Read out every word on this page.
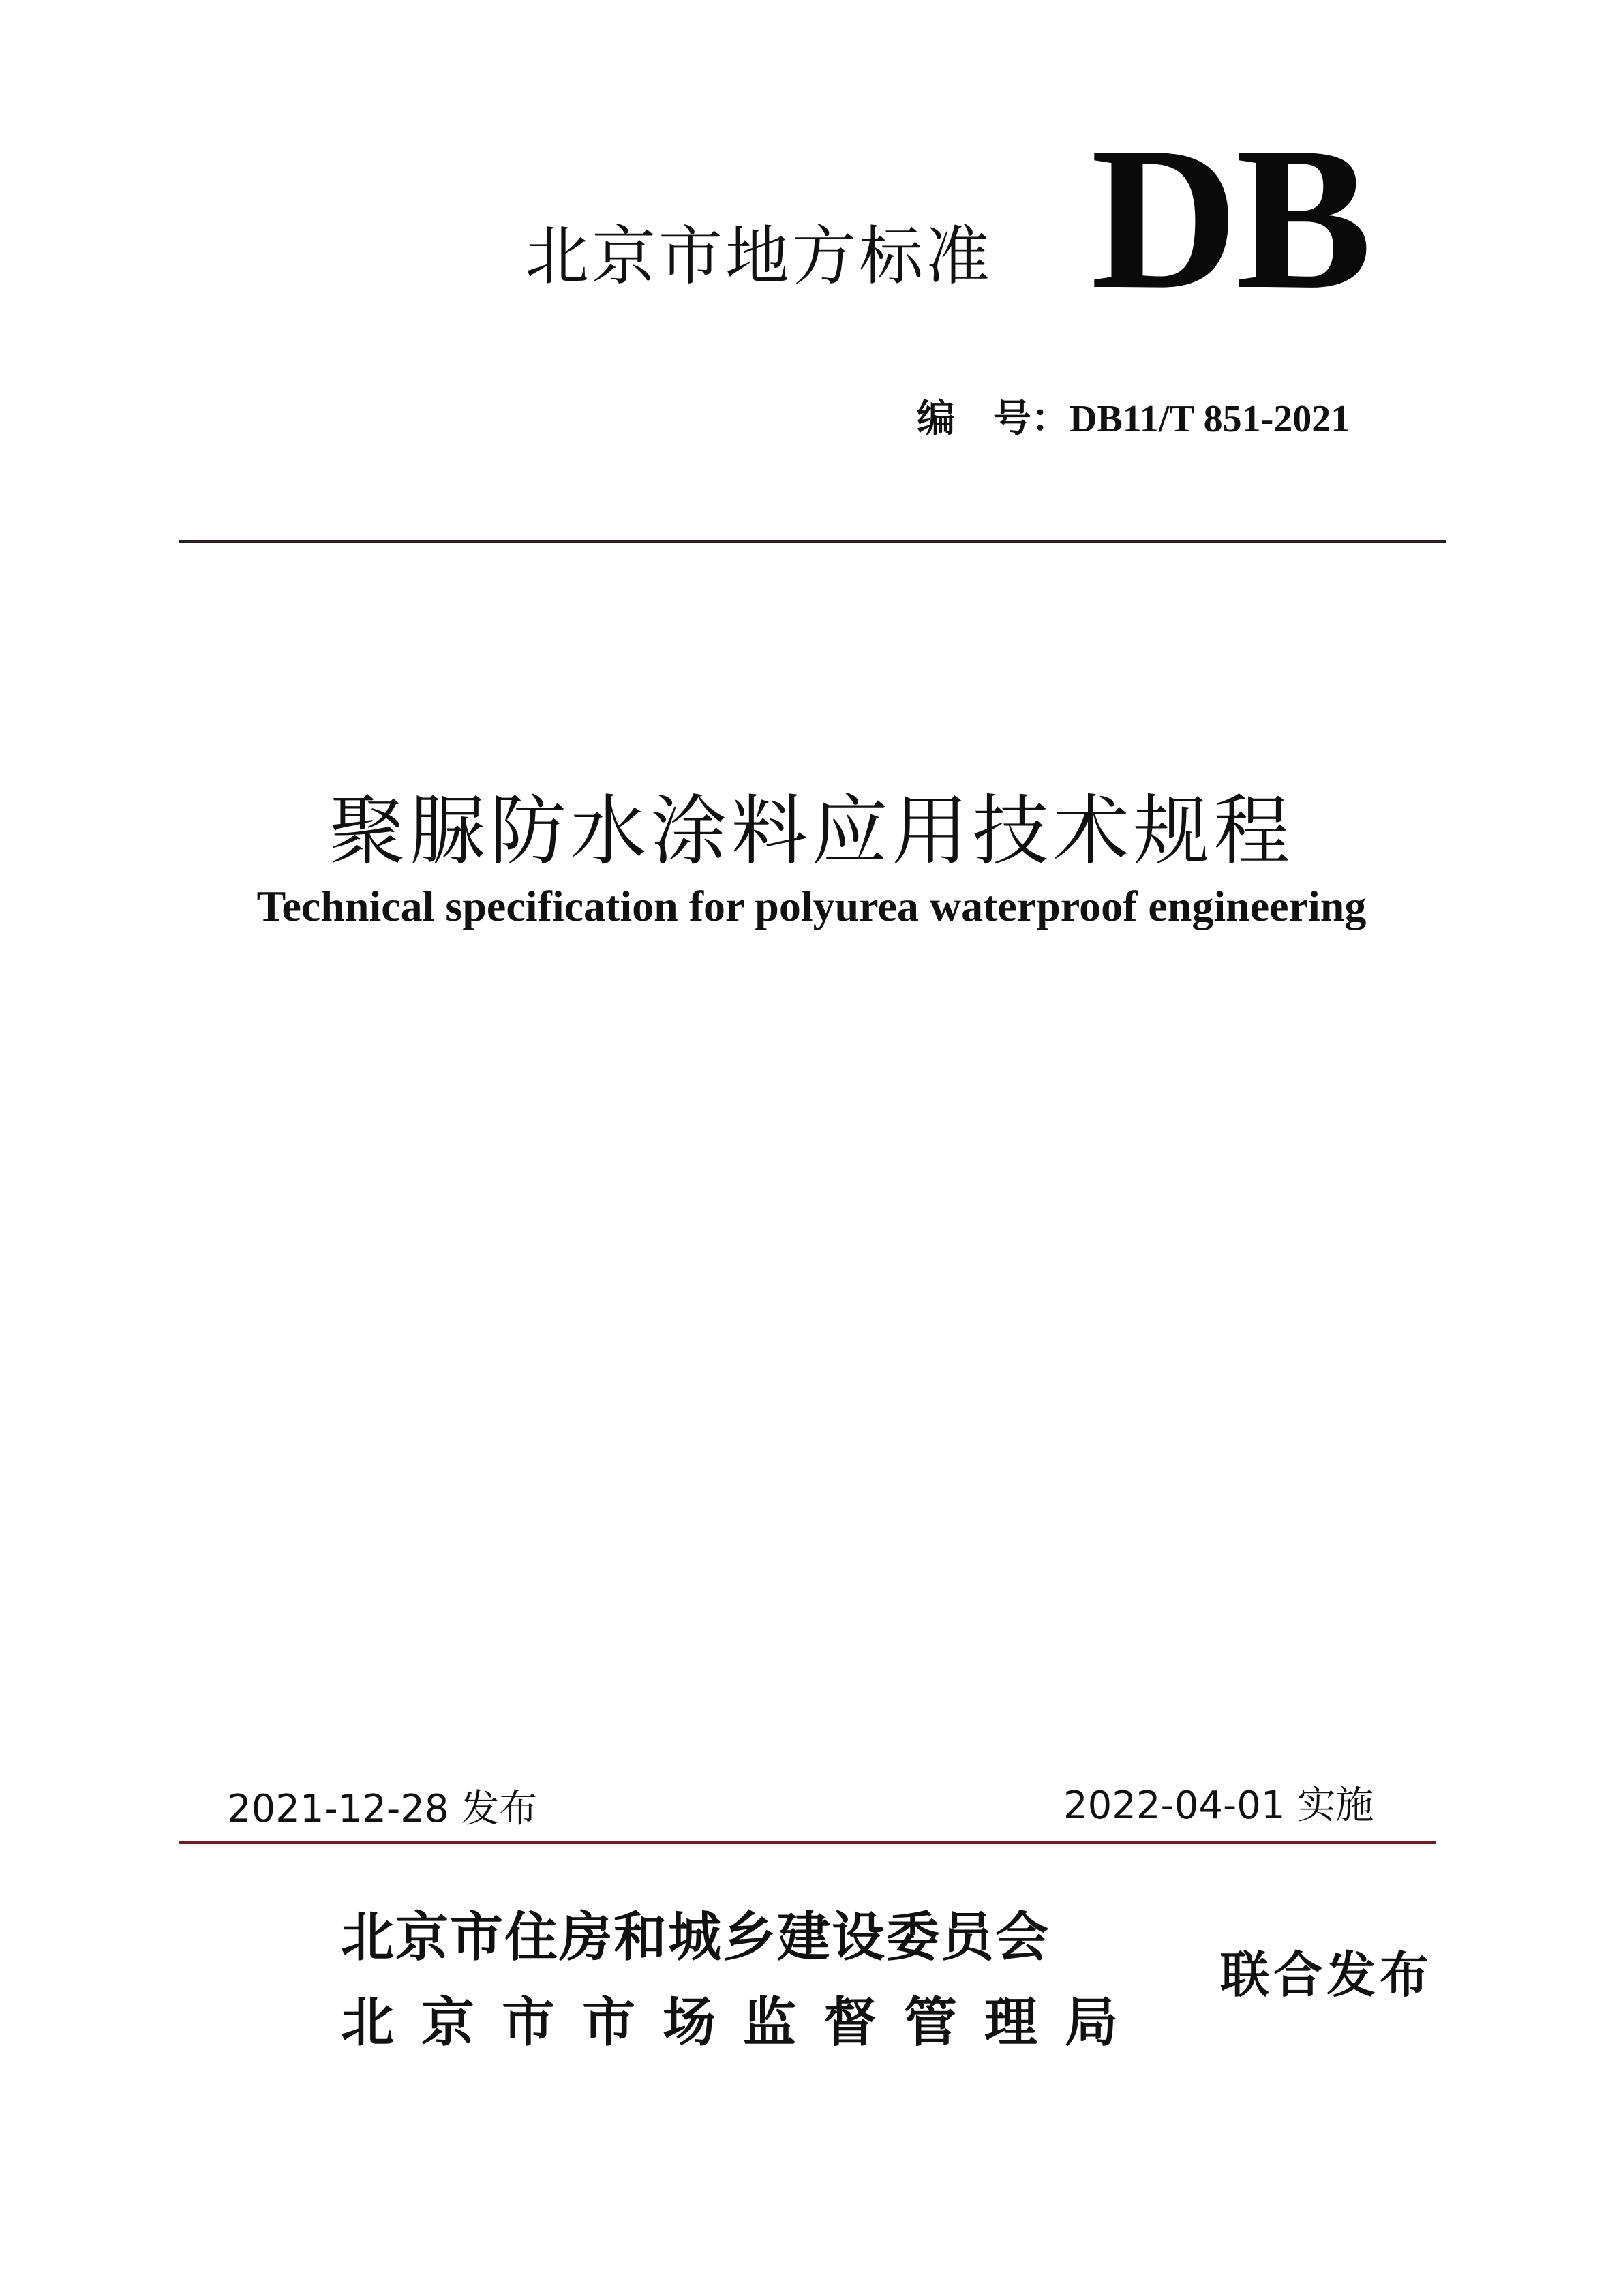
北京市地方标准 DB
编　号：DB11/T 851-2021
聚脲防水涂料应用技术规程
Technical specification for polyurea waterproof engineering
2021-12-28 发布	2022-04-01 实施
北京市住房和城乡建设委员会
北京市市场监督管理局
联合发布
